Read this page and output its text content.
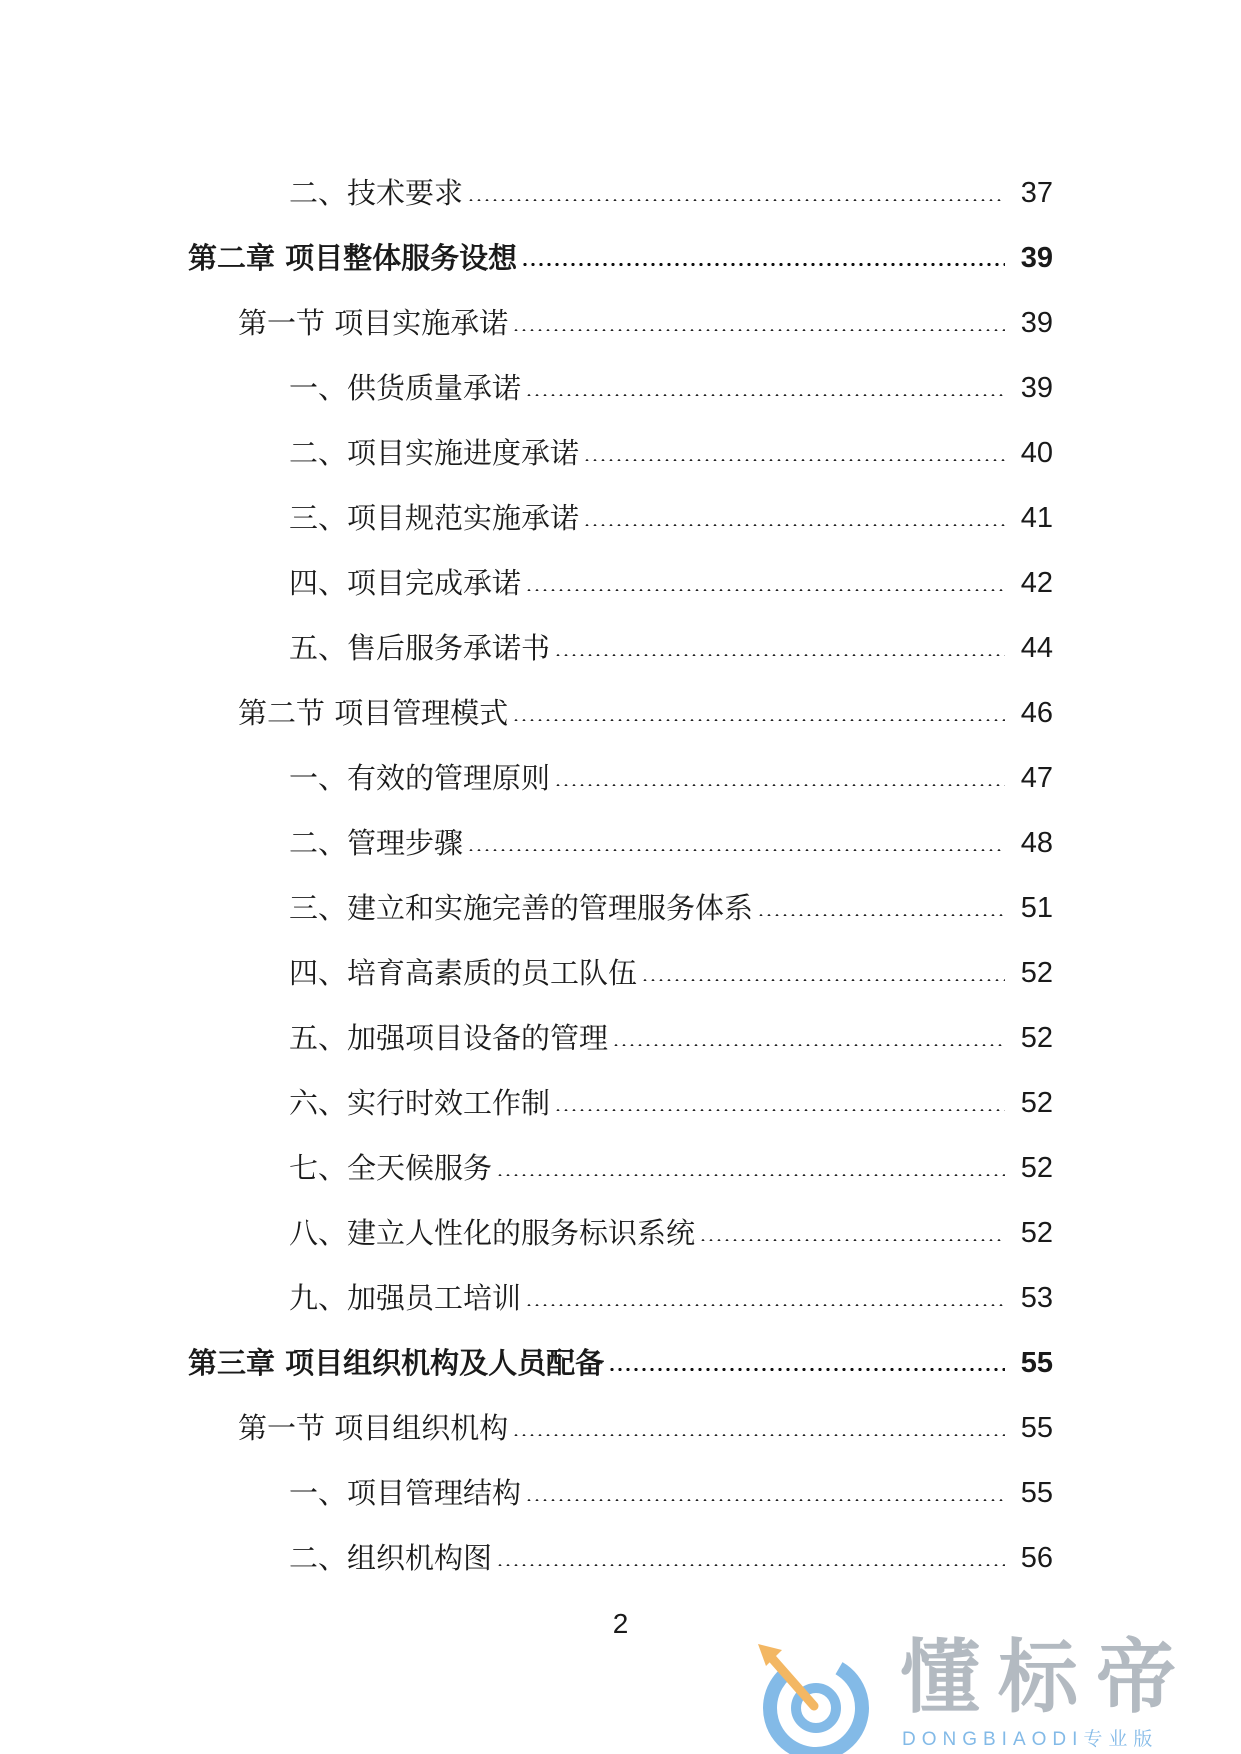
二、技术要求	37
第二章 项目整体服务设想	39
第一节 项目实施承诺	39
一、供货质量承诺	39
二、项目实施进度承诺	40
三、项目规范实施承诺	41
四、项目完成承诺	42
五、售后服务承诺书	44
第二节 项目管理模式	46
一、有效的管理原则	47
二、管理步骤	48
三、建立和实施完善的管理服务体系	51
四、培育高素质的员工队伍	52
五、加强项目设备的管理	52
六、实行时效工作制	52
七、全天候服务	52
八、建立人性化的服务标识系统	52
九、加强员工培训	53
第三章 项目组织机构及人员配备	55
第一节 项目组织机构	55
一、项目管理结构	55
二、组织机构图	56
2
懂标帝
DONGBIAODI专业版
